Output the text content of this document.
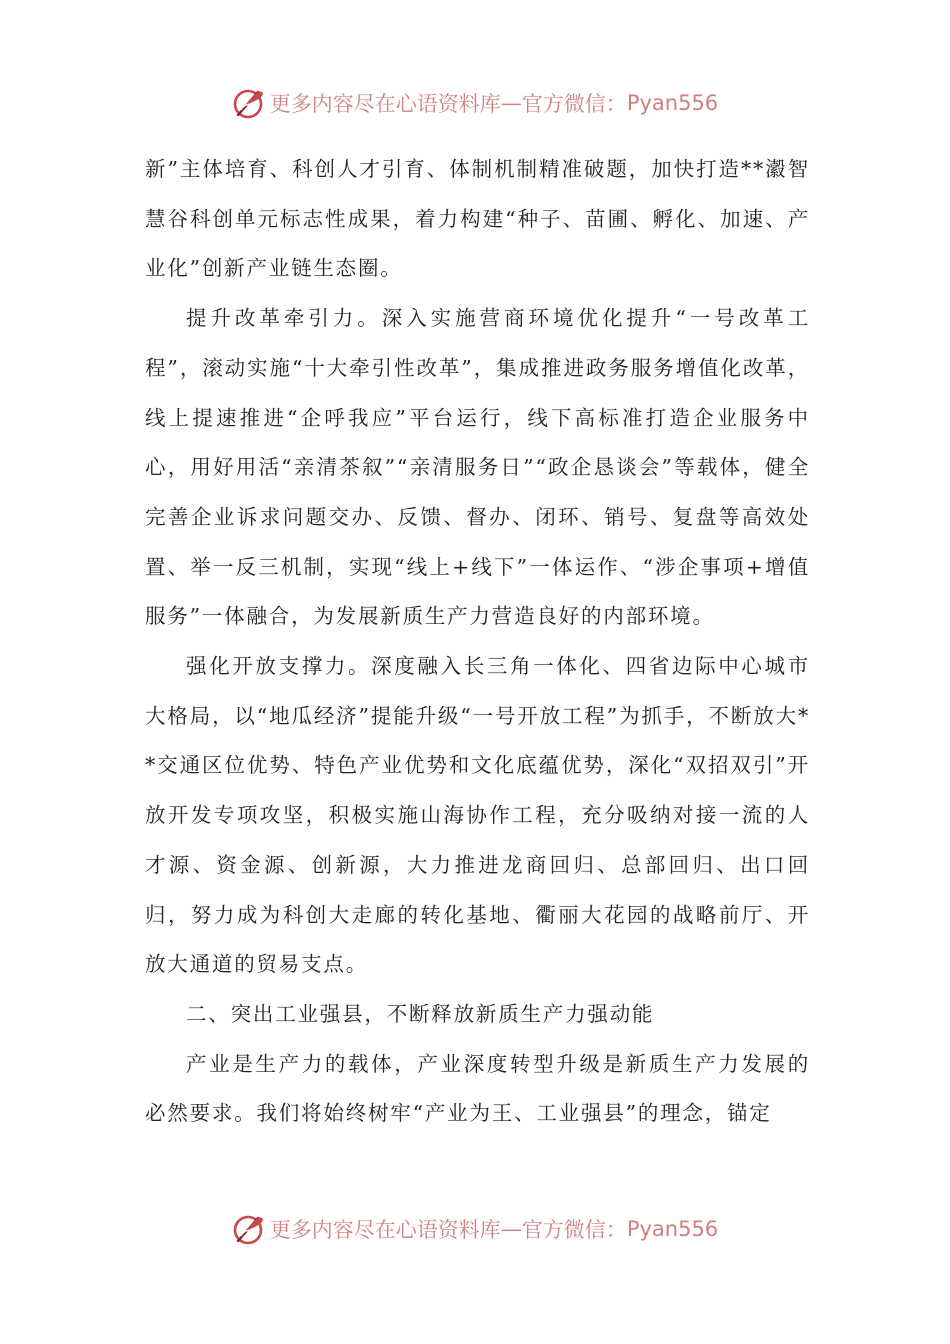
更多内容尽在心语资料库 — 官方微信： Pyan556

新”主体培育、科创人才引育、体制机制精准破题，加快打造**瀫智慧谷科创单元标志性成果，着力构建“种子、苗圃、孵化、加速、产业化”创新产业链生态圈。

提升改革牵引力。深入实施营商环境优化提升“一号改革工程”，滚动实施“十大牵引性改革”，集成推进政务服务增值化改革，线上提速推进“企呼我应”平台运行，线下高标准打造企业服务中心，用好用活“亲清茶叙”“亲清服务日”“政企恳谈会”等载体，健全完善企业诉求问题交办、反馈、督办、闭环、销号、复盘等高效处置、举一反三机制，实现“线上+线下”一体运作、“涉企事项+增值服务”一体融合，为发展新质生产力营造良好的内部环境。

强化开放支撑力。深度融入长三角一体化、四省边际中心城市大格局，以“地瓜经济”提能升级“一号开放工程”为抓手，不断放大**交通区位优势、特色产业优势和文化底蕴优势，深化“双招双引”开放开发专项攻坚，积极实施山海协作工程，充分吸纳对接一流的人才源、资金源、创新源，大力推进龙商回归、总部回归、出口回归，努力成为科创大走廊的转化基地、衢丽大花园的战略前厅、开放大通道的贸易支点。

二、突出工业强县，不断释放新质生产力强动能

产业是生产力的载体，产业深度转型升级是新质生产力发展的必然要求。我们将始终树牢“产业为王、工业强县”的理念，锚定

更多内容尽在心语资料库 — 官方微信： Pyan556
